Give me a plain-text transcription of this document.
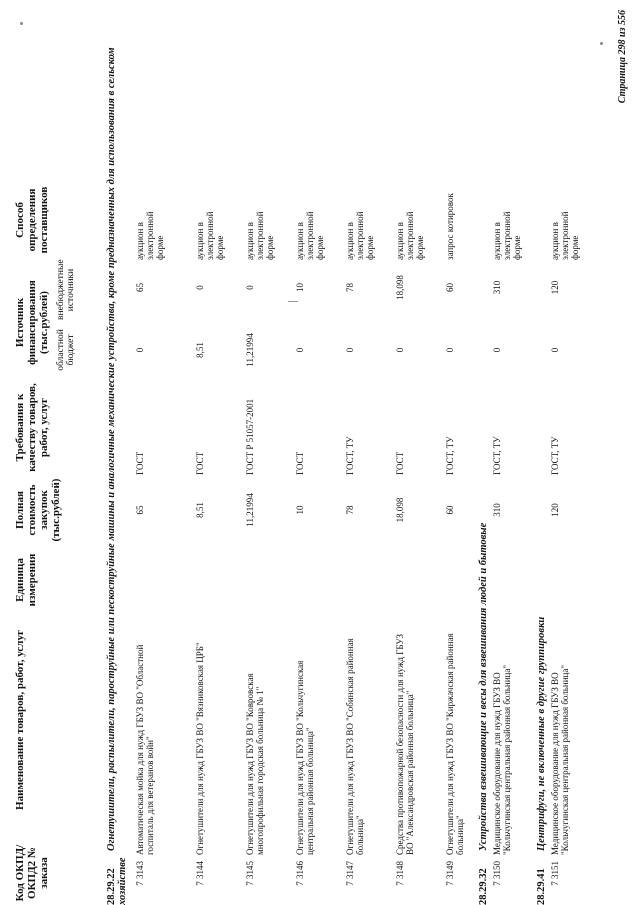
Код ОКПД/ ОКПД2 № заказа
Наименование товаров, работ, услуг
Единица измерения
Полная стоимость закупок (тыс.рублей)
Требования к качеству товаров, работ, услуг
Источник финансирования (тыс.рублей) областной бюджет
внебюджетные источники
Способ определения поставщиков
28.29.22Огнетушители, распылители, пароструйные или пескоструйные машины и аналогичные механические устройства, кроме предназначенных для использования в сельском хозяйстве 7 3143
Автоматическая мойка для нужд ГБУЗ ВО "Областной госпиталь для ветеранов войн"
65
ГОСТ
0
65
аукцион в электронной форме
7 3144
Огнетушители для нужд ГБУЗ ВО "Вязниковская ЦРБ"
8,51
ГОСТ
8,51
0
аукцион в электронной форме
7 3145
Огнетушители для нужд ГБУЗ ВО "Ковровская многопрофильная городская больница № 1"
11,21994
ГОСТ Р 51057-2001
11,21994
0
аукцион в электронной форме
7 3146
Огнетушители для нужд ГБУЗ ВО "Кольчугинская центральная районная больница"
10
ГОСТ
0
10
аукцион в электронной форме
7 3147
Огнетушители для нужд ГБУЗ ВО "Собинская районная больница"
78
ГОСТ, ТУ
0
78
аукцион в электронной форме
7 3148
Средства противопожарной безопасности для нужд ГБУЗ ВО "Александровская районная больница"
18,098
ГОСТ
0
18,098
аукцион в электронной форме
7 3149
Огнетушители для нужд ГБУЗ ВО "Киржачская районная больница"
60
ГОСТ, ТУ
0
60
запрос котировок
28.29.32Устройства взвешивающие и весы для взвешивания людей и бытовые
7 3150
Медицинское оборудование для нужд ГБУЗ ВО "Кольчугинская центральная районная больница"
310
ГОСТ, ТУ
0
310
аукцион в электронной форме
28.29.41Центрифуги, не включенные в другие группировки
7 3151
Медицинское оборудование для нужд ГБУЗ ВО "Кольчугинская центральная районная больница"
120
ГОСТ, ТУ
0
120
аукцион в электронной форме
Страница 298 из 556
